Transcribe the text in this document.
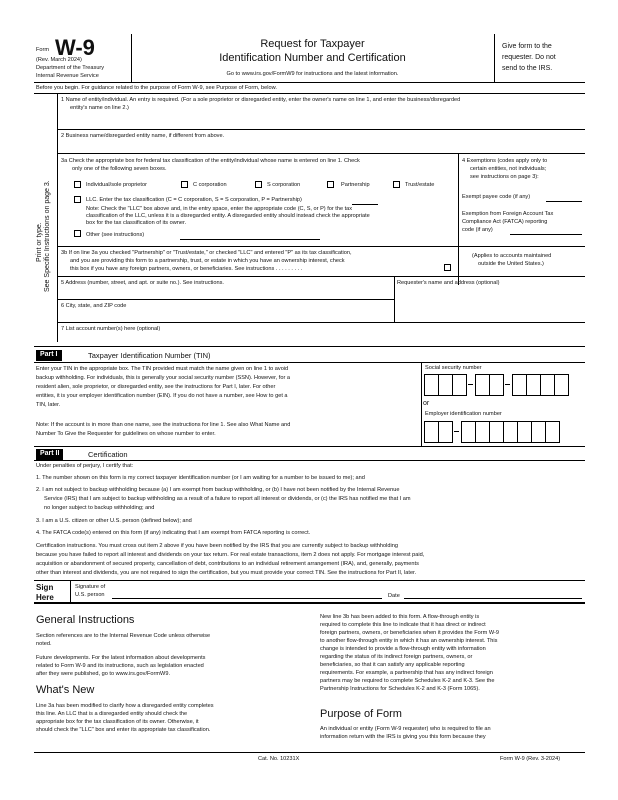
Form W-9
(Rev. March 2024)
Department of the Treasury
Internal Revenue Service
Request for Taxpayer
Identification Number and Certification
Go to www.irs.gov/FormW9 for instructions and the latest information.
Give form to the
requester. Do not
send to the IRS.
Before you begin. For guidance related to the purpose of Form W-9, see Purpose of Form, below.
See Specific Instructions on page 3.
Print or type.
1 Name of entity/individual. An entry is required. (For a sole proprietor or disregarded entity, enter the owner's name on line 1, and enter the business/disregarded
entity's name on line 2.)
2 Business name/disregarded entity name, if different from above.
3a Check the appropriate box for federal tax classification of the entity/individual whose name is entered on line 1. Check
only one of the following seven boxes.
Individual/sole proprietor	C corporation	S corporation	Partnership	Trust/estate
LLC. Enter the tax classification (C = C corporation, S = S corporation, P = Partnership)
Note: Check the "LLC" box above and, in the entry space, enter the appropriate code (C, S, or P) for the tax
classification of the LLC, unless it is a disregarded entity. A disregarded entity should instead check the appropriate
box for the tax classification of its owner.
Other (see instructions)
4 Exemptions (codes apply only to
certain entities, not individuals;
see instructions on page 3):
Exempt payee code (if any)
Exemption from Foreign Account Tax
Compliance Act (FATCA) reporting
code (if any)
3b If on line 3a you checked "Partnership" or "Trust/estate," or checked "LLC" and entered "P" as its tax classification,
and you are providing this form to a partnership, trust, or estate in which you have an ownership interest, check
this box if you have any foreign partners, owners, or beneficiaries. See instructions . . . . . . . . .
(Applies to accounts maintained
outside the United States.)
5 Address (number, street, and apt. or suite no.). See instructions.	Requester's name and address (optional)
6 City, state, and ZIP code
7 List account number(s) here (optional)
Part I	Taxpayer Identification Number (TIN)
Enter your TIN in the appropriate box. The TIN provided must match the name given on line 1 to avoid
backup withholding. For individuals, this is generally your social security number (SSN). However, for a
resident alien, sole proprietor, or disregarded entity, see the instructions for Part I, later. For other
entities, it is your employer identification number (EIN). If you do not have a number, see How to get a
TIN, later.
Note: If the account is in more than one name, see the instructions for line 1. See also What Name and
Number To Give the Requester for guidelines on whose number to enter.
Social security number
or
Employer identification number
Part II	Certification
Under penalties of perjury, I certify that:
1. The number shown on this form is my correct taxpayer identification number (or I am waiting for a number to be issued to me); and
2. I am not subject to backup withholding because (a) I am exempt from backup withholding, or (b) I have not been notified by the Internal Revenue
Service (IRS) that I am subject to backup withholding as a result of a failure to report all interest or dividends, or (c) the IRS has notified me that I am
no longer subject to backup withholding; and
3. I am a U.S. citizen or other U.S. person (defined below); and
4. The FATCA code(s) entered on this form (if any) indicating that I am exempt from FATCA reporting is correct.
Certification instructions. You must cross out item 2 above if you have been notified by the IRS that you are currently subject to backup withholding
because you have failed to report all interest and dividends on your tax return. For real estate transactions, item 2 does not apply. For mortgage interest paid,
acquisition or abandonment of secured property, cancellation of debt, contributions to an individual retirement arrangement (IRA), and, generally, payments
other than interest and dividends, you are not required to sign the certification, but you must provide your correct TIN. See the instructions for Part II, later.
Sign
Here
Signature of
U.S. person	Date
General Instructions
Section references are to the Internal Revenue Code unless otherwise
noted.
Future developments. For the latest information about developments
related to Form W-9 and its instructions, such as legislation enacted
after they were published, go to www.irs.gov/FormW9.
What's New
Line 3a has been modified to clarify how a disregarded entity completes
this line. An LLC that is a disregarded entity should check the
appropriate box for the tax classification of its owner. Otherwise, it
should check the "LLC" box and enter its appropriate tax classification.
New line 3b has been added to this form. A flow-through entity is
required to complete this line to indicate that it has direct or indirect
foreign partners, owners, or beneficiaries when it provides the Form W-9
to another flow-through entity in which it has an ownership interest. This
change is intended to provide a flow-through entity with information
regarding the status of its indirect foreign partners, owners, or
beneficiaries, so that it can satisfy any applicable reporting
requirements. For example, a partnership that has any indirect foreign
partners may be required to complete Schedules K-2 and K-3. See the
Partnership Instructions for Schedules K-2 and K-3 (Form 1065).
Purpose of Form
An individual or entity (Form W-9 requester) who is required to file an
information return with the IRS is giving you this form because they
Cat. No. 10231X	Form W-9 (Rev. 3-2024)
